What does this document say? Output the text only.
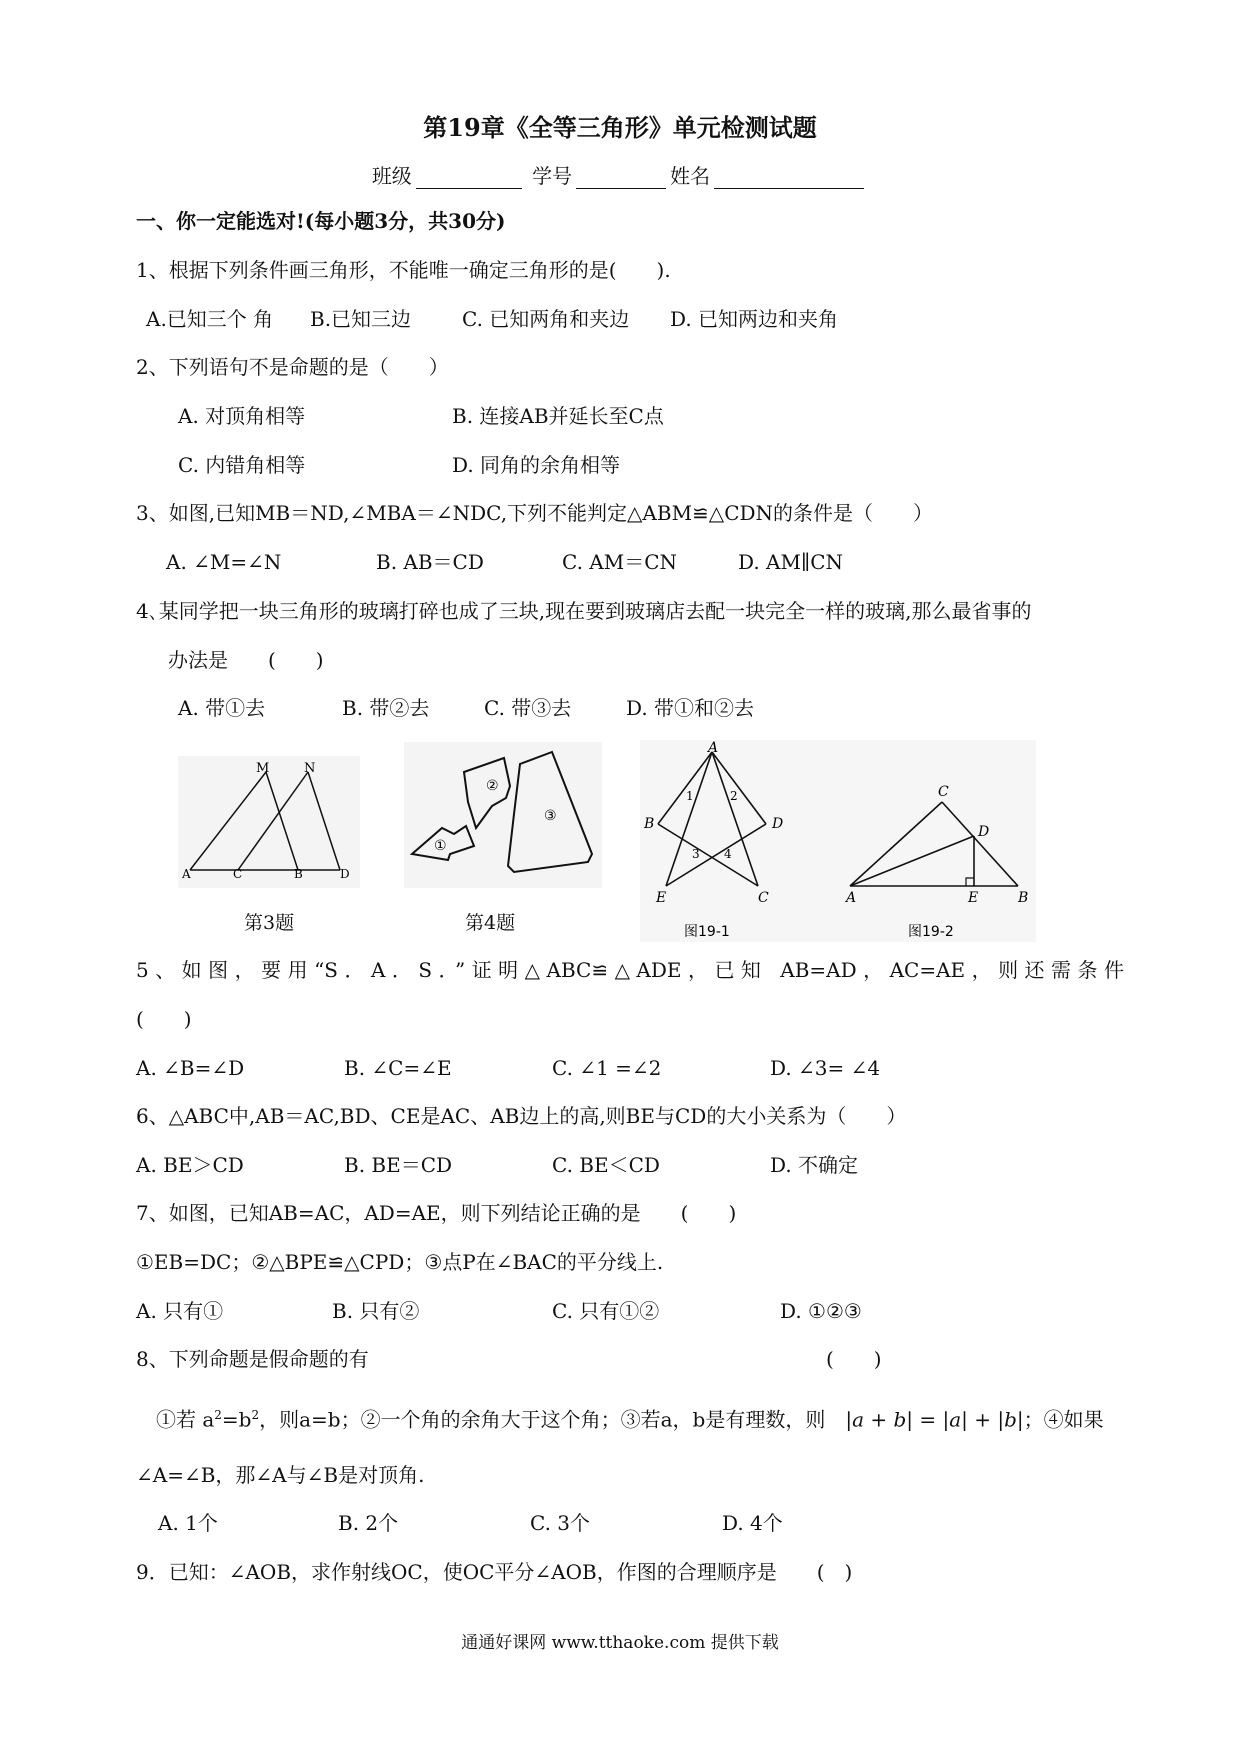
第19章《全等三角形》单元检测试题
班级	学号	姓名
一、你一定能选对!(每小题3分，共30分)
1、根据下列条件画三角形，不能唯一确定三角形的是(　　).
A.已知三个 角 B.已知三边	C. 已知两角和夹边 D. 已知两边和夹角
2、下列语句不是命题的是（　　）
A. 对顶角相等	B. 连接AB并延长至C点
C. 内错角相等	D. 同角的余角相等
3、如图,已知MB＝ND,∠MBA＝∠NDC,下列不能判定△ABM≌△CDN的条件是（　　）
A. ∠M=∠N	B. AB＝CD	C. AM＝CN	D. AM∥CN
4､某同学把一块三角形的玻璃打碎也成了三块,现在要到玻璃店去配一块完全一样的玻璃,那么最省事的
办法是　　(　　)
A. 带①去	B. 带②去	C. 带③去	D. 带①和②去
M	N
A	C	B	D
第3题
①
②
③
第4题
A
B	D
E	C
1	2
3 4
图19-1
C
D
A	E	B
图19-2
5、如图，要用“S．A．S．”证明△ABC≌△ADE，已知 AB=AD，AC=AE，则还需条件
(　　)
A. ∠B=∠D	B. ∠C=∠E	C. ∠1 =∠2	D. ∠3= ∠4
6、△ABC中,AB＝AC,BD、CE是AC、AB边上的高,则BE与CD的大小关系为（　　）
A. BE＞CD	B. BE＝CD	C. BE＜CD	D. 不确定
7、如图，已知AB=AC，AD=AE，则下列结论正确的是　　(　　)
①EB=DC；②△BPE≌△CPD；③点P在∠BAC的平分线上.
A. 只有①	B. 只有②	C. 只有①②	D. ①②③
8、下列命题是假命题的有	(　　)
①若 $a^2=b^2$，则a=b；②一个角的余角大于这个角；③若a，b是有理数，则　 |a + b| = |a| + |b|；④如果
∠A=∠B，那∠A与∠B是对顶角.
A. 1个	B. 2个	C. 3个	D. 4个
9．已知：∠AOB，求作射线OC，使OC平分∠AOB，作图的合理顺序是　　(　)
通通好课网 www.tthaoke.com 提供下载
